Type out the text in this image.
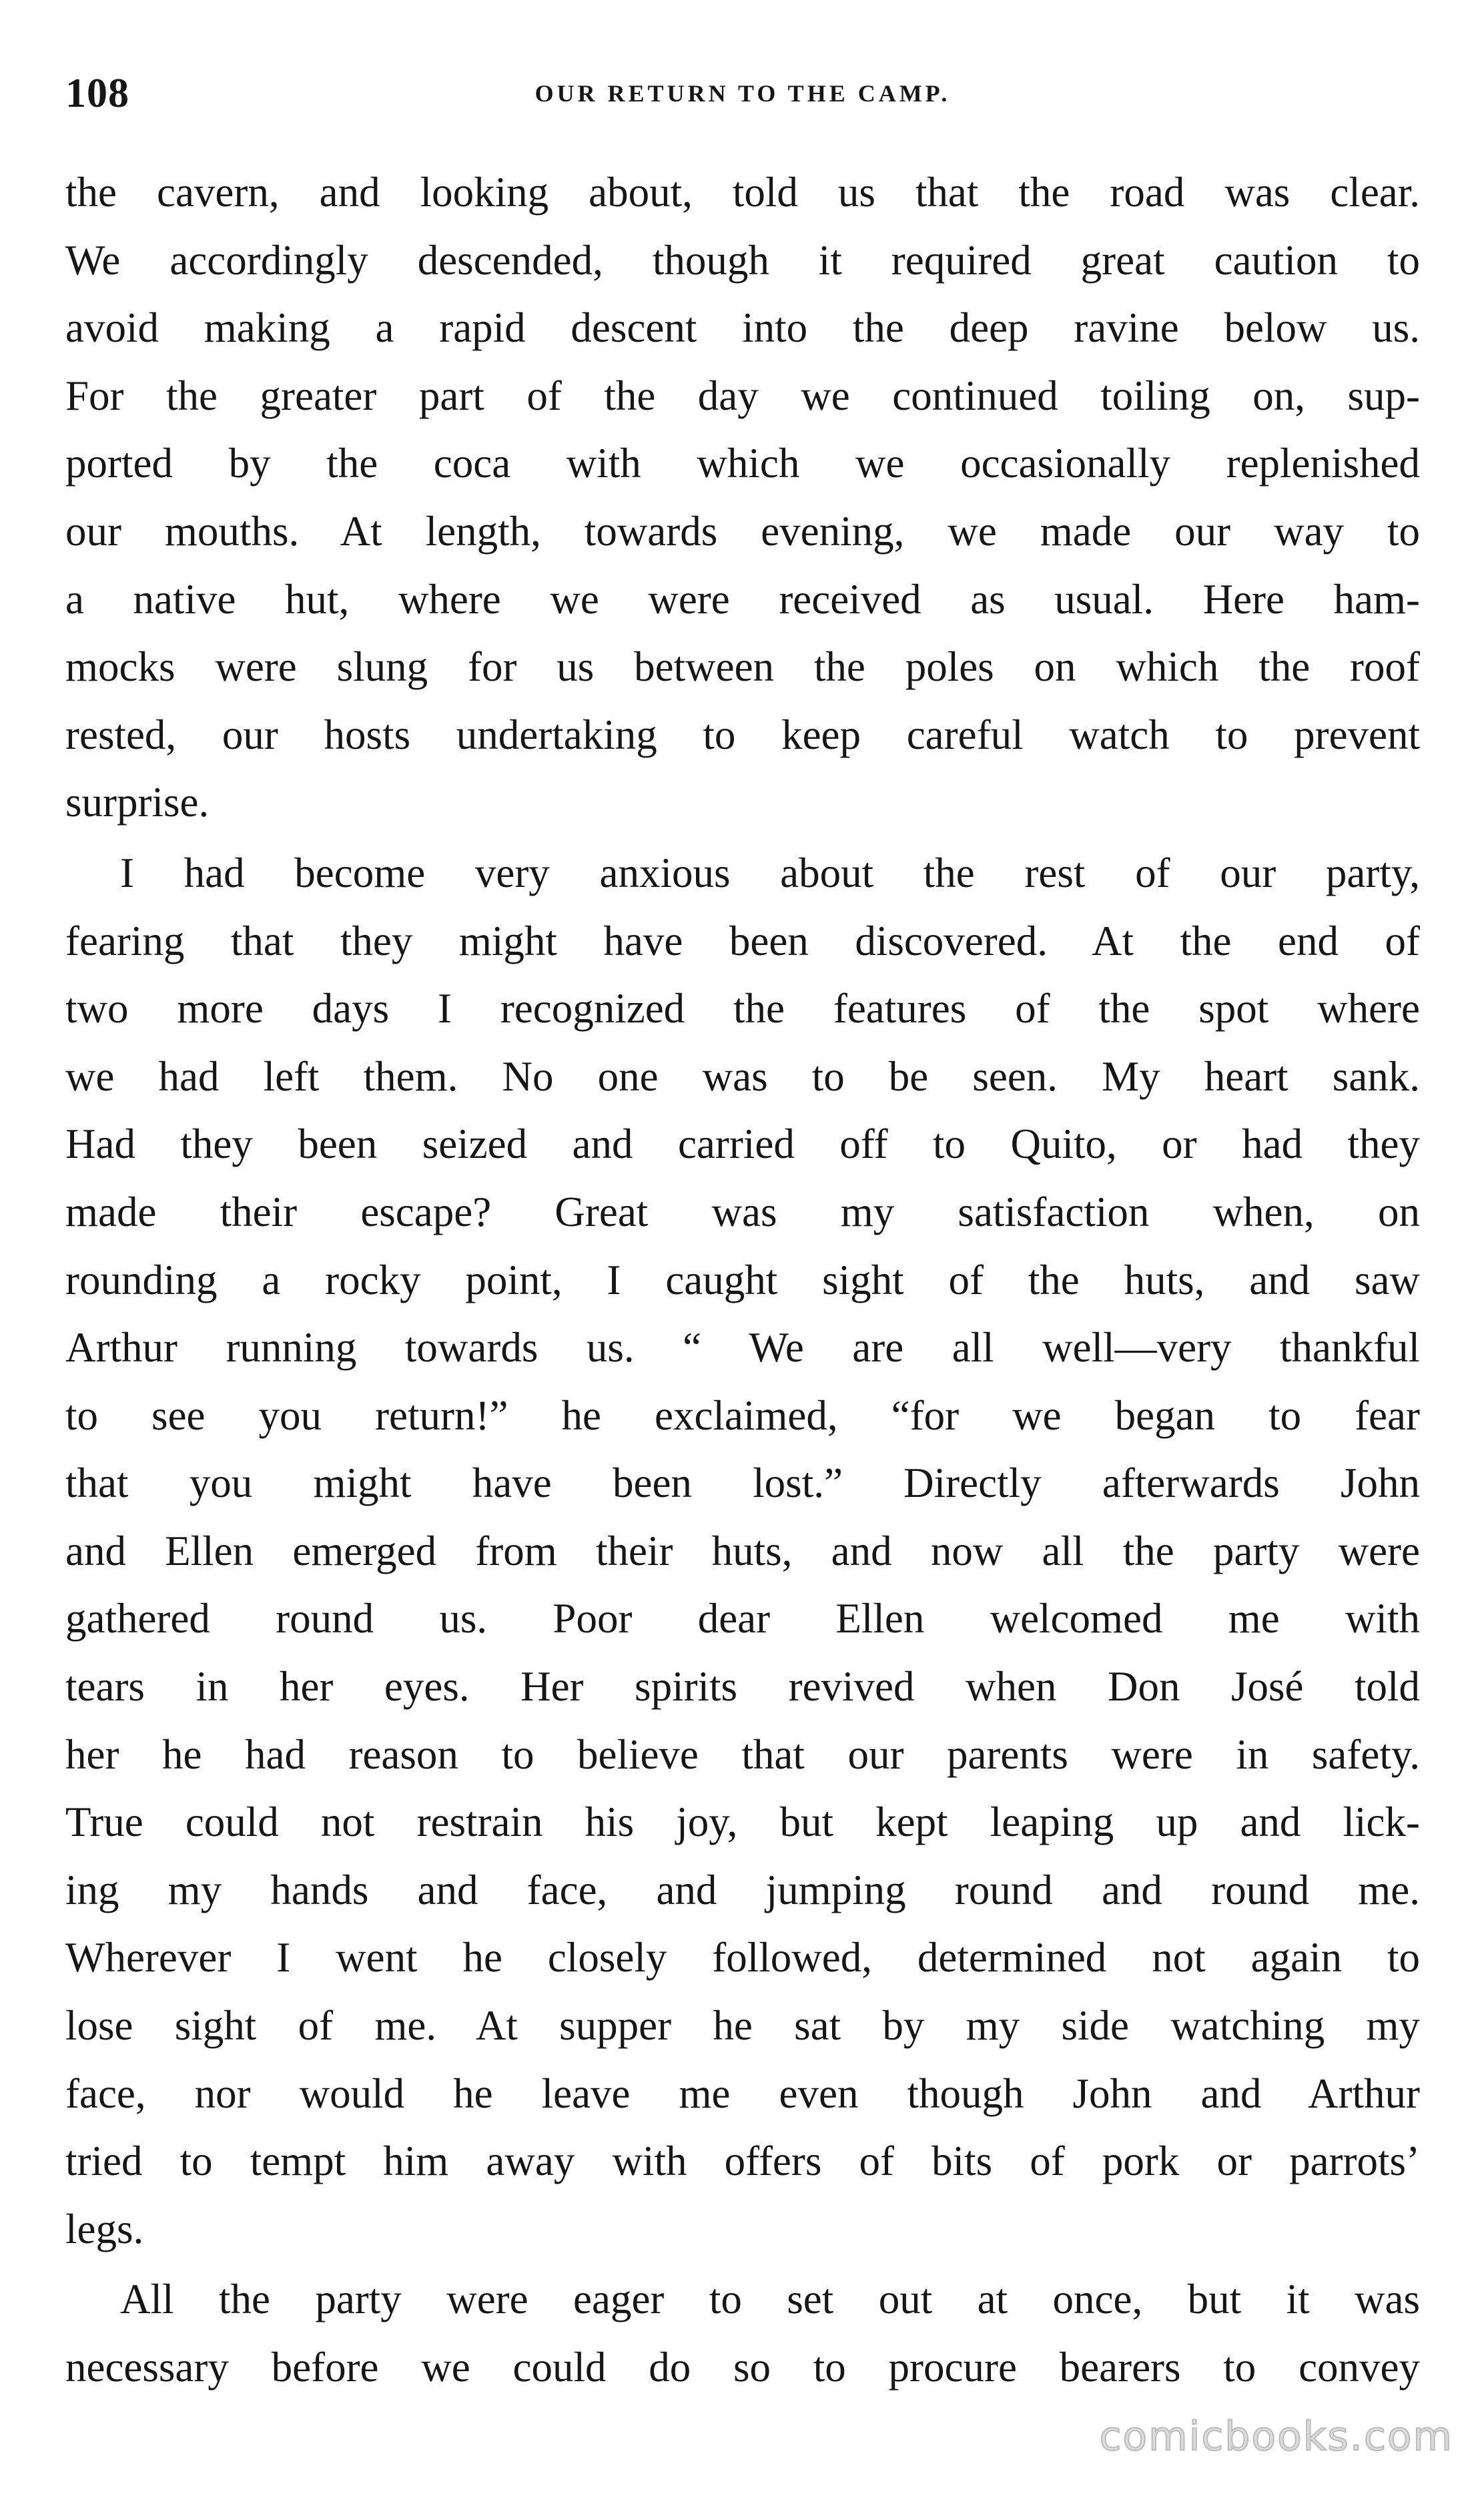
108	OUR RETURN TO THE CAMP.
the cavern, and looking about, told us that the road was clear.
We accordingly descended, though it required great caution to
avoid making a rapid descent into the deep ravine below us.
For the greater part of the day we continued toiling on, sup-
ported by the coca with which we occasionally replenished
our mouths. At length, towards evening, we made our way to
a native hut, where we were received as usual. Here ham-
mocks were slung for us between the poles on which the roof
rested, our hosts undertaking to keep careful watch to prevent
surprise.
I had become very anxious about the rest of our party,
fearing that they might have been discovered. At the end of
two more days I recognized the features of the spot where
we had left them. No one was to be seen. My heart sank.
Had they been seized and carried off to Quito, or had they
made their escape? Great was my satisfaction when, on
rounding a rocky point, I caught sight of the huts, and saw
Arthur running towards us. “ We are all well—very thankful
to see you return!” he exclaimed, “for we began to fear
that you might have been lost.” Directly afterwards John
and Ellen emerged from their huts, and now all the party were
gathered round us. Poor dear Ellen welcomed me with
tears in her eyes. Her spirits revived when Don José told
her he had reason to believe that our parents were in safety.
True could not restrain his joy, but kept leaping up and lick-
ing my hands and face, and jumping round and round me.
Wherever I went he closely followed, determined not again to
lose sight of me. At supper he sat by my side watching my
face, nor would he leave me even though John and Arthur
tried to tempt him away with offers of bits of pork or parrots’
legs.
All the party were eager to set out at once, but it was
necessary before we could do so to procure bearers to convey
comicbooks.com
